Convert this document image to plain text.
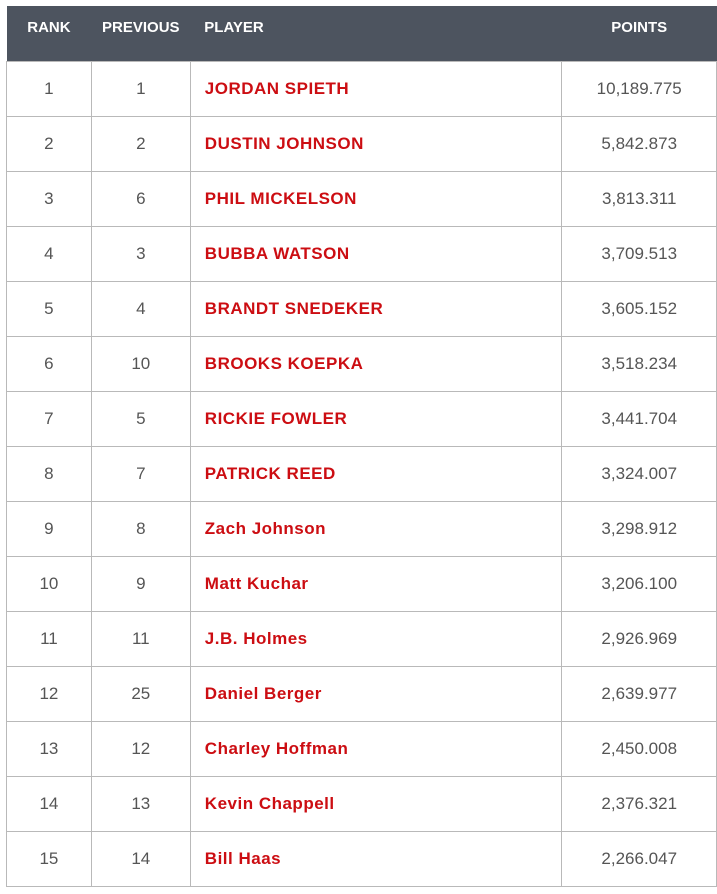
RANK	PREVIOUS	PLAYER	POINTS
1	1	JORDAN SPIETH	10,189.775
2	2	DUSTIN JOHNSON	5,842.873
3	6	PHIL MICKELSON	3,813.311
4	3	BUBBA WATSON	3,709.513
5	4	BRANDT SNEDEKER	3,605.152
6	10	BROOKS KOEPKA	3,518.234
7	5	RICKIE FOWLER	3,441.704
8	7	PATRICK REED	3,324.007
9	8	Zach Johnson	3,298.912
10	9	Matt Kuchar	3,206.100
11	11	J.B. Holmes	2,926.969
12	25	Daniel Berger	2,639.977
13	12	Charley Hoffman	2,450.008
14	13	Kevin Chappell	2,376.321
15	14	Bill Haas	2,266.047
